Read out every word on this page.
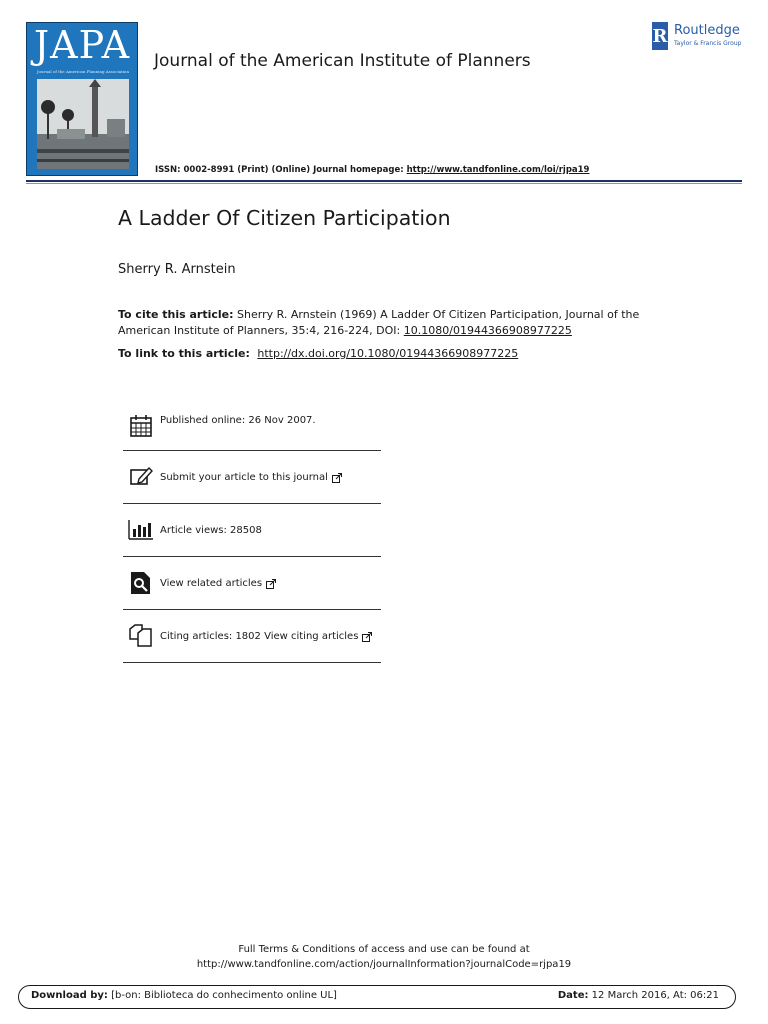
JAPA
Journal of the American Planning Association
Journal of the American Institute of Planners
R Routledge
Taylor & Francis Group
ISSN: 0002-8991 (Print) (Online) Journal homepage: http://www.tandfonline.com/loi/rjpa19
A Ladder Of Citizen Participation
Sherry R. Arnstein
To cite this article: Sherry R. Arnstein (1969) A Ladder Of Citizen Participation, Journal of the American Institute of Planners, 35:4, 216-224, DOI: 10.1080/01944366908977225
To link to this article: http://dx.doi.org/10.1080/01944366908977225
Published online: 26 Nov 2007.
Submit your article to this journal
Article views: 28508
View related articles
Citing articles: 1802 View citing articles
Full Terms & Conditions of access and use can be found at
http://www.tandfonline.com/action/journalInformation?journalCode=rjpa19
Download by: [b-on: Biblioteca do conhecimento online UL]	Date: 12 March 2016, At: 06:21
